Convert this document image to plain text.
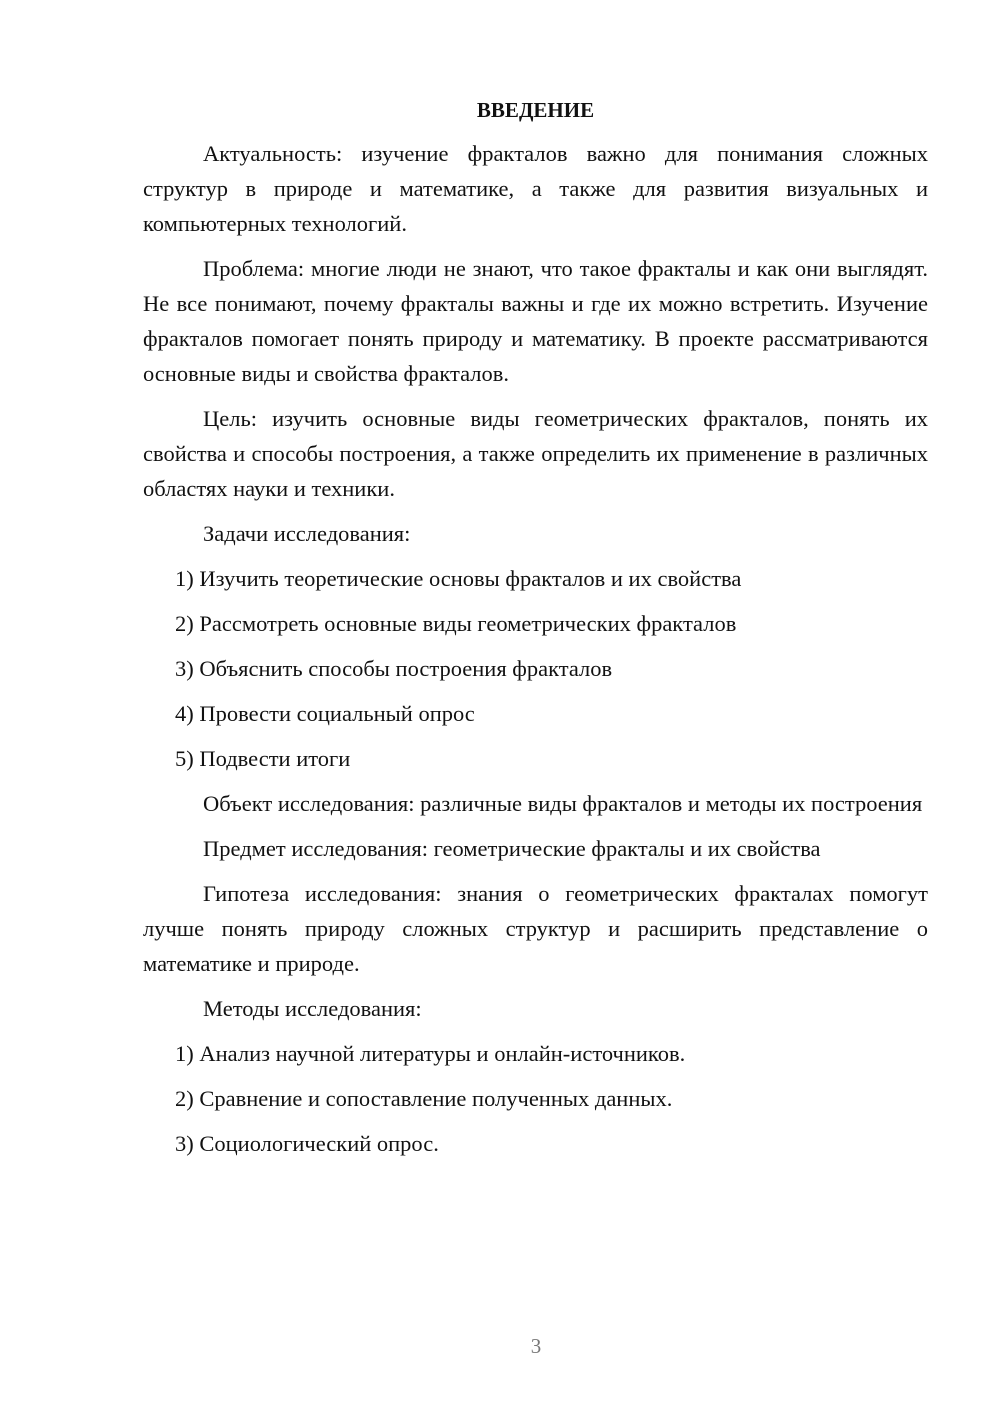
ВВЕДЕНИЕ

Актуальность: изучение фракталов важно для понимания сложных структур в природе и математике, а также для развития визуальных и компьютерных технологий.

Проблема: многие люди не знают, что такое фракталы и как они выглядят. Не все понимают, почему фракталы важны и где их можно встретить. Изучение фракталов помогает понять природу и математику. В проекте рассматриваются основные виды и свойства фракталов.

Цель: изучить основные виды геометрических фракталов, понять их свойства и способы построения, а также определить их применение в различных областях науки и техники.

Задачи исследования:

1) Изучить теоретические основы фракталов и их свойства
2) Рассмотреть основные виды геометрических фракталов
3) Объяснить способы построения фракталов
4) Провести социальный опрос
5) Подвести итоги

Объект исследования: различные виды фракталов и методы их построения

Предмет исследования: геометрические фракталы и их свойства

Гипотеза исследования: знания о геометрических фракталах помогут лучше понять природу сложных структур и расширить представление о математике и природе.

Методы исследования:

1) Анализ научной литературы и онлайн-источников.
2) Сравнение и сопоставление полученных данных.
3) Социологический опрос.
3
